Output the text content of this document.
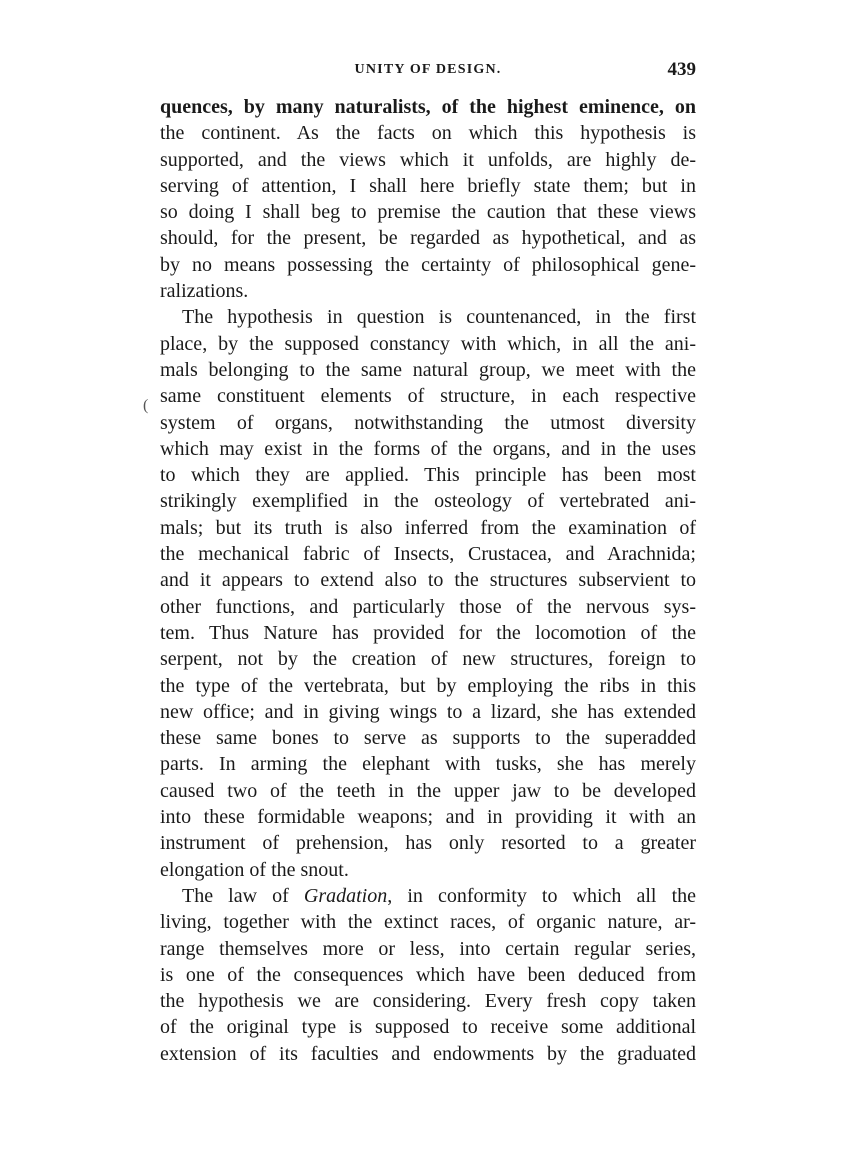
UNITY OF DESIGN.	439
(
quences, by many naturalists, of the highest eminence, on
the continent. As the facts on which this hypothesis is
supported, and the views which it unfolds, are highly de-
serving of attention, I shall here briefly state them; but in
so doing I shall beg to premise the caution that these views
should, for the present, be regarded as hypothetical, and as
by no means possessing the certainty of philosophical gene-
ralizations.
The hypothesis in question is countenanced, in the first
place, by the supposed constancy with which, in all the ani-
mals belonging to the same natural group, we meet with the
same constituent elements of structure, in each respective
system of organs, notwithstanding the utmost diversity
which may exist in the forms of the organs, and in the uses
to which they are applied. This principle has been most
strikingly exemplified in the osteology of vertebrated ani-
mals; but its truth is also inferred from the examination of
the mechanical fabric of Insects, Crustacea, and Arachnida;
and it appears to extend also to the structures subservient to
other functions, and particularly those of the nervous sys-
tem. Thus Nature has provided for the locomotion of the
serpent, not by the creation of new structures, foreign to
the type of the vertebrata, but by employing the ribs in this
new office; and in giving wings to a lizard, she has extended
these same bones to serve as supports to the superadded
parts. In arming the elephant with tusks, she has merely
caused two of the teeth in the upper jaw to be developed
into these formidable weapons; and in providing it with an
instrument of prehension, has only resorted to a greater
elongation of the snout.
The law of Gradation, in conformity to which all the
living, together with the extinct races, of organic nature, ar-
range themselves more or less, into certain regular series,
is one of the consequences which have been deduced from
the hypothesis we are considering. Every fresh copy taken
of the original type is supposed to receive some additional
extension of its faculties and endowments by the graduated
